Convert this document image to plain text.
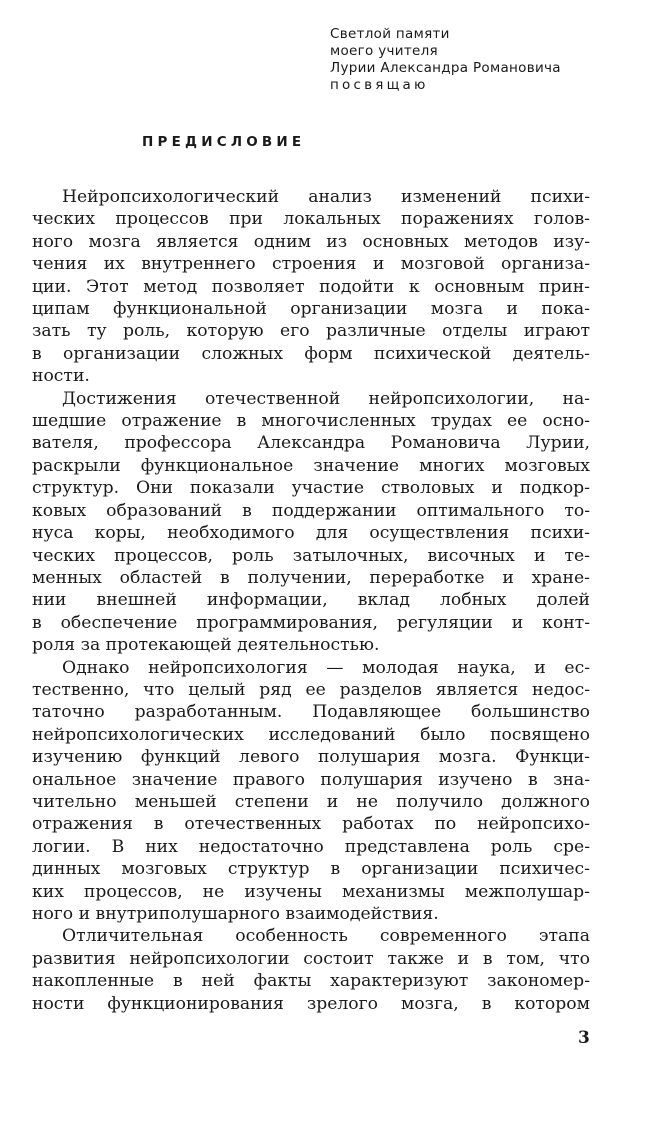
Светлой памяти
моего учителя
Лурии Александра Романовича
посвящаю
ПРЕДИСЛОВИЕ
Нейропсихологический анализ изменений психи-
ческих процессов при локальных поражениях голов-
ного мозга является одним из основных методов изу-
чения их внутреннего строения и мозговой организа-
ции. Этот метод позволяет подойти к основным прин-
ципам функциональной организации мозга и пока-
зать ту роль, которую его различные отделы играют
в организации сложных форм психической деятель-
ности.
Достижения отечественной нейропсихологии, на-
шедшие отражение в многочисленных трудах ее осно-
вателя, профессора Александра Романовича Лурии,
раскрыли функциональное значение многих мозговых
структур. Они показали участие стволовых и подкор-
ковых образований в поддержании оптимального то-
нуса коры, необходимого для осуществления психи-
ческих процессов, роль затылочных, височных и те-
менных областей в получении, переработке и хране-
нии внешней информации, вклад лобных долей
в обеспечение программирования, регуляции и конт-
роля за протекающей деятельностью.
Однако нейропсихология — молодая наука, и ес-
тественно, что целый ряд ее разделов является недос-
таточно разработанным. Подавляющее большинство
нейропсихологических исследований было посвящено
изучению функций левого полушария мозга. Функци-
ональное значение правого полушария изучено в зна-
чительно меньшей степени и не получило должного
отражения в отечественных работах по нейропсихо-
логии. В них недостаточно представлена роль сре-
динных мозговых структур в организации психичес-
ких процессов, не изучены механизмы межполушар-
ного и внутриполушарного взаимодействия.
Отличительная особенность современного этапа
развития нейропсихологии состоит также и в том, что
накопленные в ней факты характеризуют закономер-
ности функционирования зрелого мозга, в котором
3
